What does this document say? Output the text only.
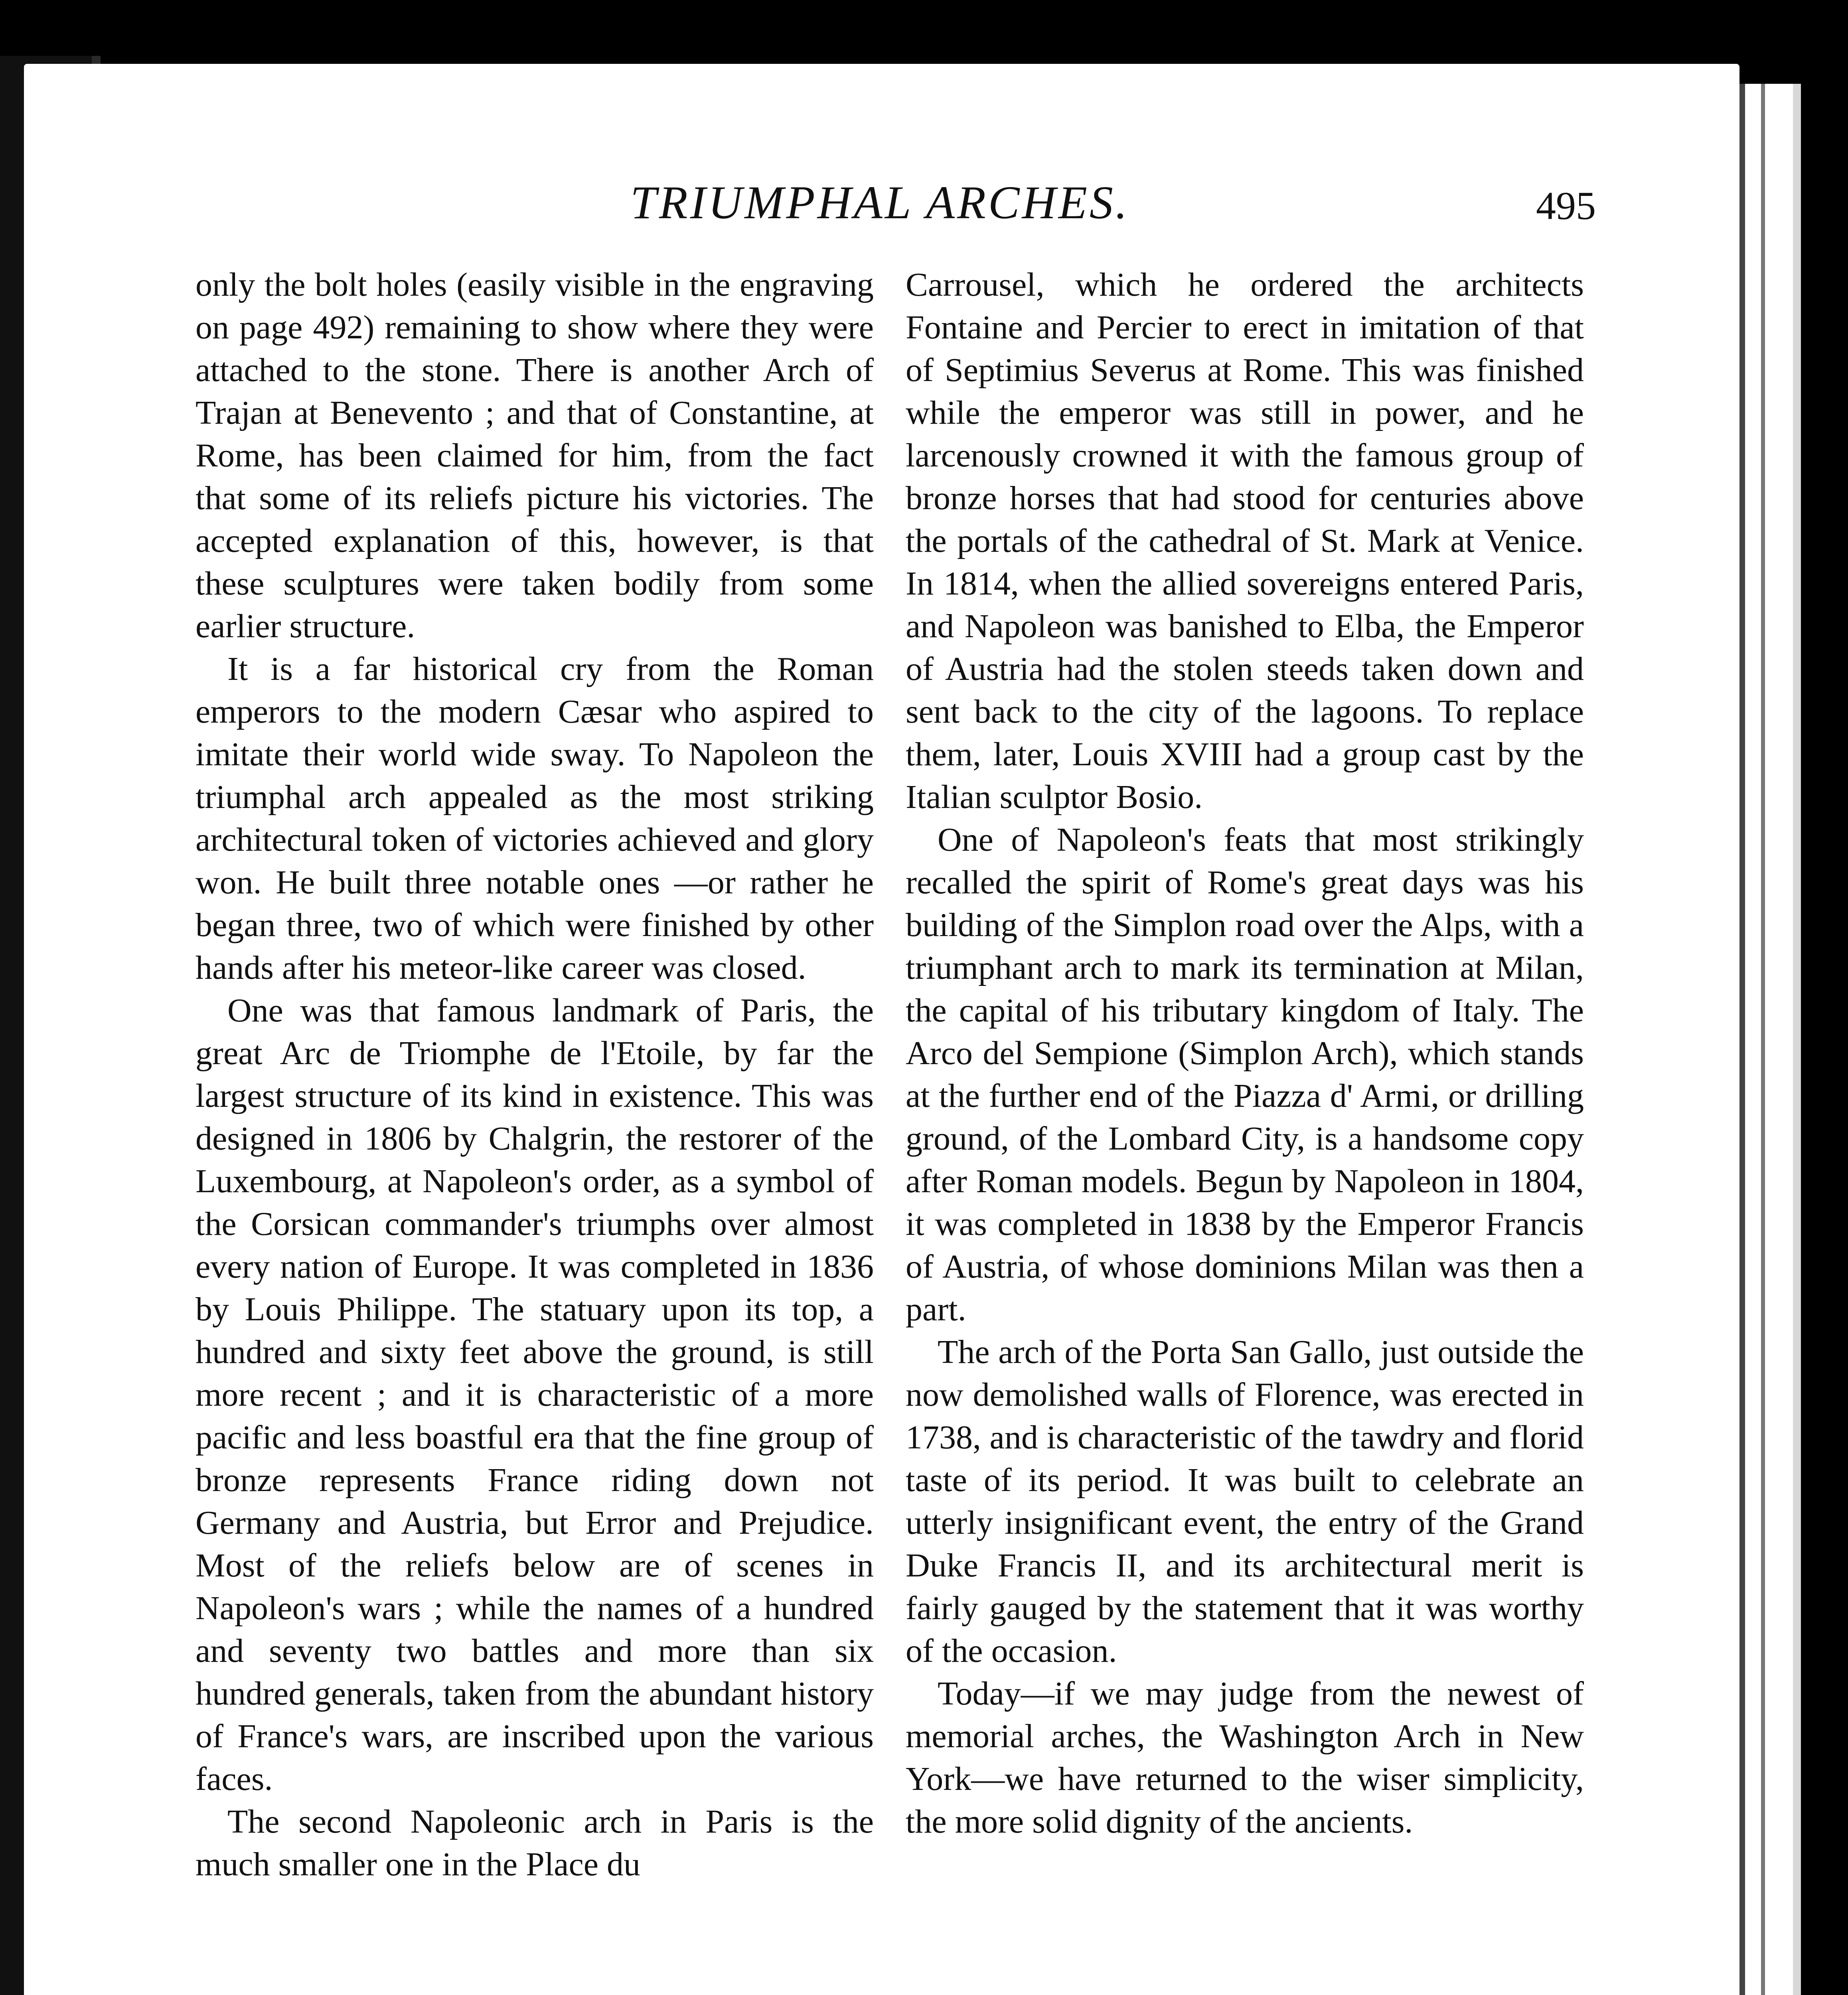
TRIUMPHAL ARCHES.	495

only the bolt holes (easily visible in the engraving on page 492) remaining to show where they were attached to the stone. There is another Arch of Trajan at Benevento ; and that of Constantine, at Rome, has been claimed for him, from the fact that some of its reliefs picture his victories. The accepted explanation of this, however, is that these sculptures were taken bodily from some earlier structure.

It is a far historical cry from the Roman emperors to the modern Cæsar who aspired to imitate their world wide sway. To Napoleon the triumphal arch appealed as the most striking architectural token of victories achieved and glory won. He built three notable ones —or rather he began three, two of which were finished by other hands after his meteor-like career was closed.

One was that famous landmark of Paris, the great Arc de Triomphe de l'Etoile, by far the largest structure of its kind in existence. This was designed in 1806 by Chalgrin, the restorer of the Luxembourg, at Napoleon's order, as a symbol of the Corsican commander's triumphs over almost every nation of Europe. It was completed in 1836 by Louis Philippe. The statuary upon its top, a hundred and sixty feet above the ground, is still more recent ; and it is characteristic of a more pacific and less boastful era that the fine group of bronze represents France riding down not Germany and Austria, but Error and Prejudice. Most of the reliefs below are of scenes in Napoleon's wars ; while the names of a hundred and seventy two battles and more than six hundred generals, taken from the abundant history of France's wars, are inscribed upon the various faces.

The second Napoleonic arch in Paris is the much smaller one in the Place du

Carrousel, which he ordered the architects Fontaine and Percier to erect in imitation of that of Septimius Severus at Rome. This was finished while the emperor was still in power, and he larcenously crowned it with the famous group of bronze horses that had stood for centuries above the portals of the cathedral of St. Mark at Venice. In 1814, when the allied sovereigns entered Paris, and Napoleon was banished to Elba, the Emperor of Austria had the stolen steeds taken down and sent back to the city of the lagoons. To replace them, later, Louis XVIII had a group cast by the Italian sculptor Bosio.

One of Napoleon's feats that most strikingly recalled the spirit of Rome's great days was his building of the Simplon road over the Alps, with a triumphant arch to mark its termination at Milan, the capital of his tributary kingdom of Italy. The Arco del Sempione (Simplon Arch), which stands at the further end of the Piazza d' Armi, or drilling ground, of the Lombard City, is a handsome copy after Roman models. Begun by Napoleon in 1804, it was completed in 1838 by the Emperor Francis of Austria, of whose dominions Milan was then a part.

The arch of the Porta San Gallo, just outside the now demolished walls of Florence, was erected in 1738, and is characteristic of the tawdry and florid taste of its period. It was built to celebrate an utterly insignificant event, the entry of the Grand Duke Francis II, and its architectural merit is fairly gauged by the statement that it was worthy of the occasion.

Today—if we may judge from the newest of memorial arches, the Washington Arch in New York—we have returned to the wiser simplicity, the more solid dignity of the ancients.
